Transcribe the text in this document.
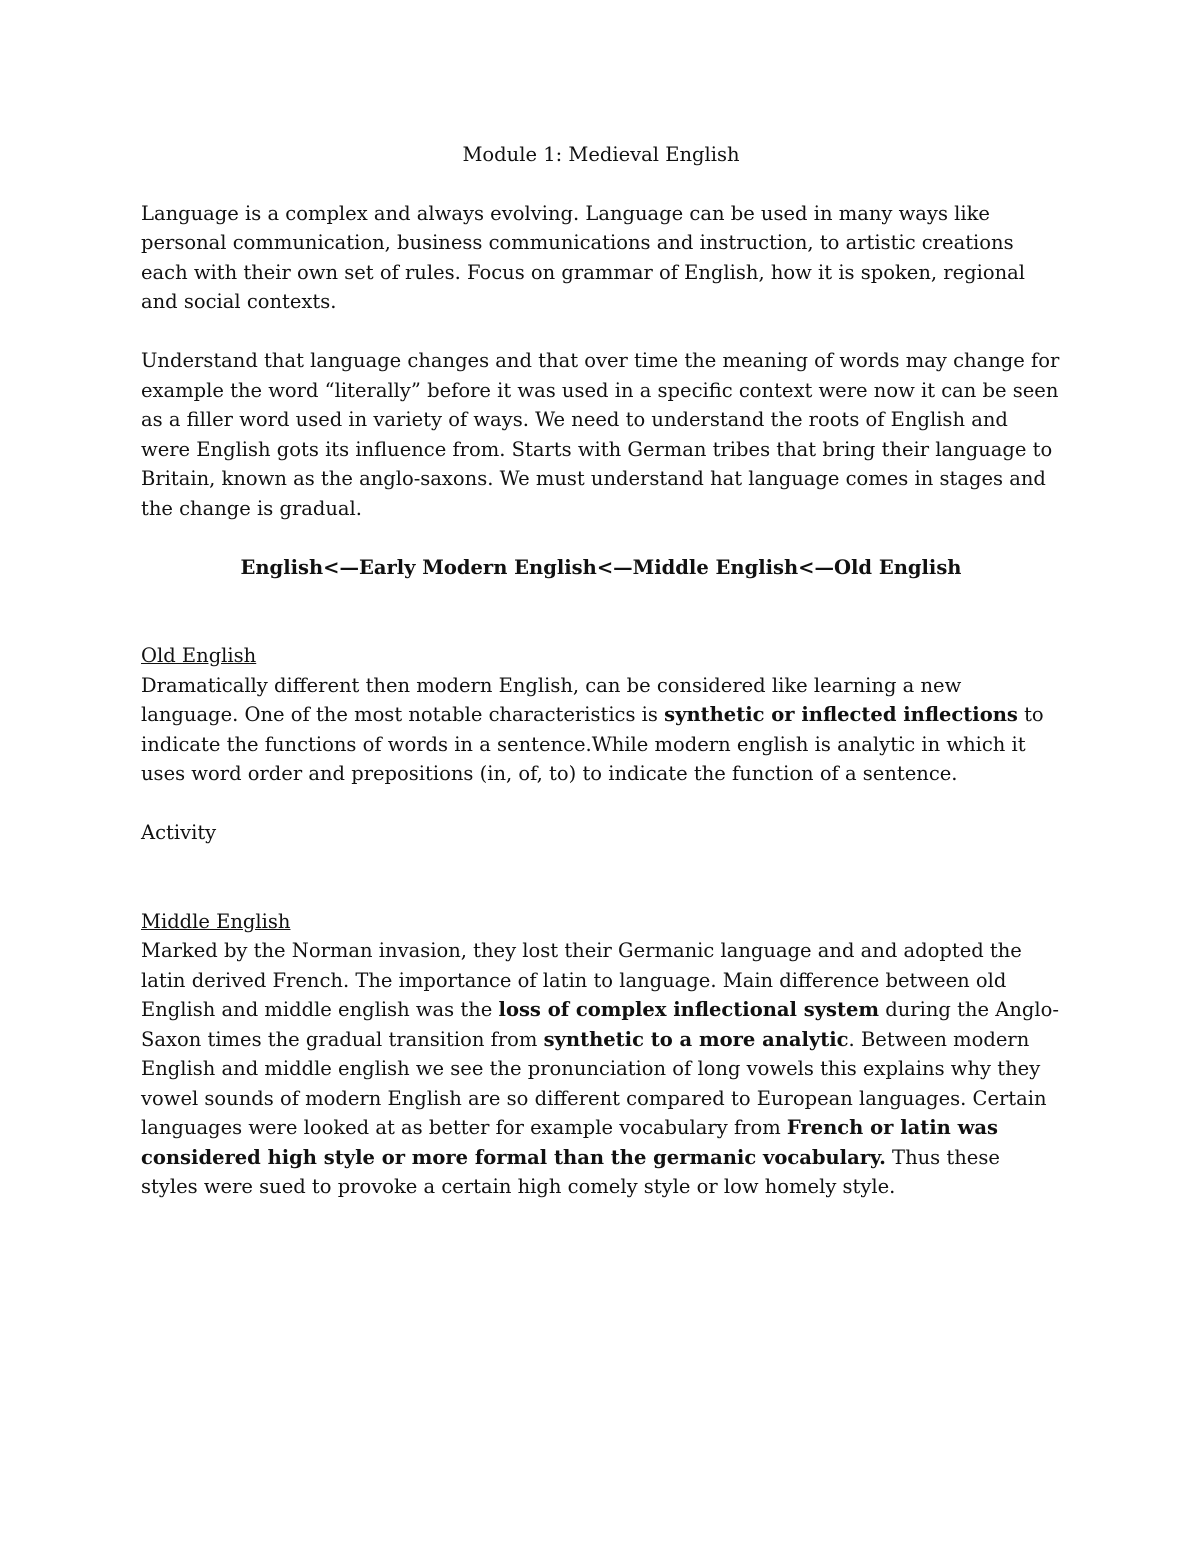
Module 1: Medieval English

Language is a complex and always evolving. Language can be used in many ways like personal communication, business communications and instruction, to artistic creations each with their own set of rules. Focus on grammar of English, how it is spoken, regional and social contexts.

Understand that language changes and that over time the meaning of words may change for example the word “literally” before it was used in a specific context were now it can be seen as a filler word used in variety of ways. We need to understand the roots of English and were English gots its influence from. Starts with German tribes that bring their language to Britain, known as the anglo-saxons. We must understand hat language comes in stages and the change is gradual.

English<—Early Modern English<—Middle English<—Old English
Old English
Dramatically different then modern English, can be considered like learning a new language. One of the most notable characteristics is synthetic or inflected inflections to indicate the functions of words in a sentence.While modern english is analytic in which it uses word order and prepositions (in, of, to) to indicate the function of a sentence.
Activity
Middle English
Marked by the Norman invasion, they lost their Germanic language and and adopted the latin derived French. The importance of latin to language. Main difference between old English and middle english was the loss of complex inflectional system during the Anglo-Saxon times the gradual transition from synthetic to a more analytic. Between modern English and middle english we see the pronunciation of long vowels this explains why they vowel sounds of modern English are so different compared to European languages. Certain languages were looked at as better for example vocabulary from French or latin was considered high style or more formal than the germanic vocabulary. Thus these styles were sued to provoke a certain high comely style or low homely style.
